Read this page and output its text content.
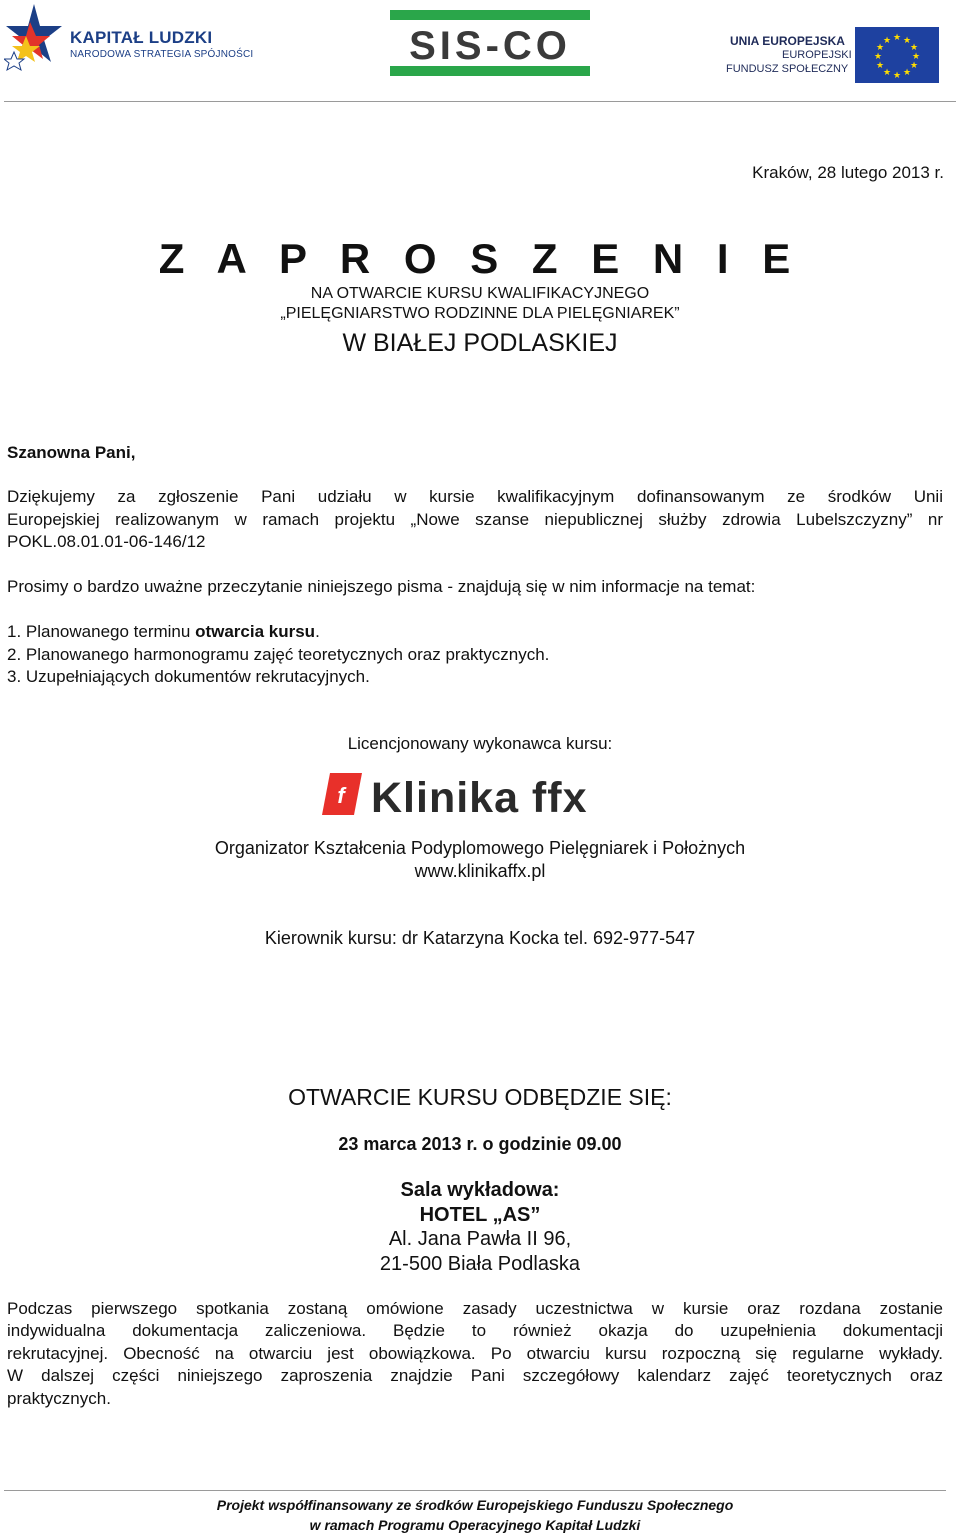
KAPITAŁ LUDZKI
NARODOWA STRATEGIA SPÓJNOŚCI	SIS-CO	UNIA EUROPEJSKA
EUROPEJSKI
FUNDUSZ SPOŁECZNY
★ ★
★
★
★
★
★
★
★
★
★
★
Kraków, 28 lutego 2013 r.
Z A P R O S Z E N I E
NA OTWARCIE KURSU KWALIFIKACYJNEGO
„PIELĘGNIARSTWO RODZINNE DLA PIELĘGNIAREK”
W BIAŁEJ PODLASKIEJ
Szanowna Pani,
Dziękujemy za zgłoszenie Pani udziału w kursie kwalifikacyjnym dofinansowanym ze środków Unii
Europejskiej realizowanym w ramach projektu „Nowe szanse niepublicznej służby zdrowia Lubelszczyzny” nr
POKL.08.01.01-06-146/12
Prosimy o bardzo uważne przeczytanie niniejszego pisma - znajdują się w nim informacje na temat:
1. Planowanego terminu otwarcia kursu.
2. Planowanego harmonogramu zajęć teoretycznych oraz praktycznych.
3. Uzupełniających dokumentów rekrutacyjnych.
Licencjonowany wykonawca kursu:
f Klinika ffx
Organizator Kształcenia Podyplomowego Pielęgniarek i Położnych
www.klinikaffx.pl
Kierownik kursu: dr Katarzyna Kocka tel. 692-977-547
OTWARCIE KURSU ODBĘDZIE SIĘ:
23 marca 2013 r. o godzinie 09.00
Sala wykładowa:
HOTEL „AS”
Al. Jana Pawła II 96,
21-500 Biała Podlaska
Podczas pierwszego spotkania zostaną omówione zasady uczestnictwa w kursie oraz rozdana zostanie
indywidualna dokumentacja zaliczeniowa. Będzie to również okazja do uzupełnienia dokumentacji
rekrutacyjnej. Obecność na otwarciu jest obowiązkowa. Po otwarciu kursu rozpoczną się regularne wykłady.
W dalszej części niniejszego zaproszenia znajdzie Pani szczegółowy kalendarz zajęć teoretycznych oraz
praktycznych.
Projekt współfinansowany ze środków Europejskiego Funduszu Społecznego
w ramach Programu Operacyjnego Kapitał Ludzki
